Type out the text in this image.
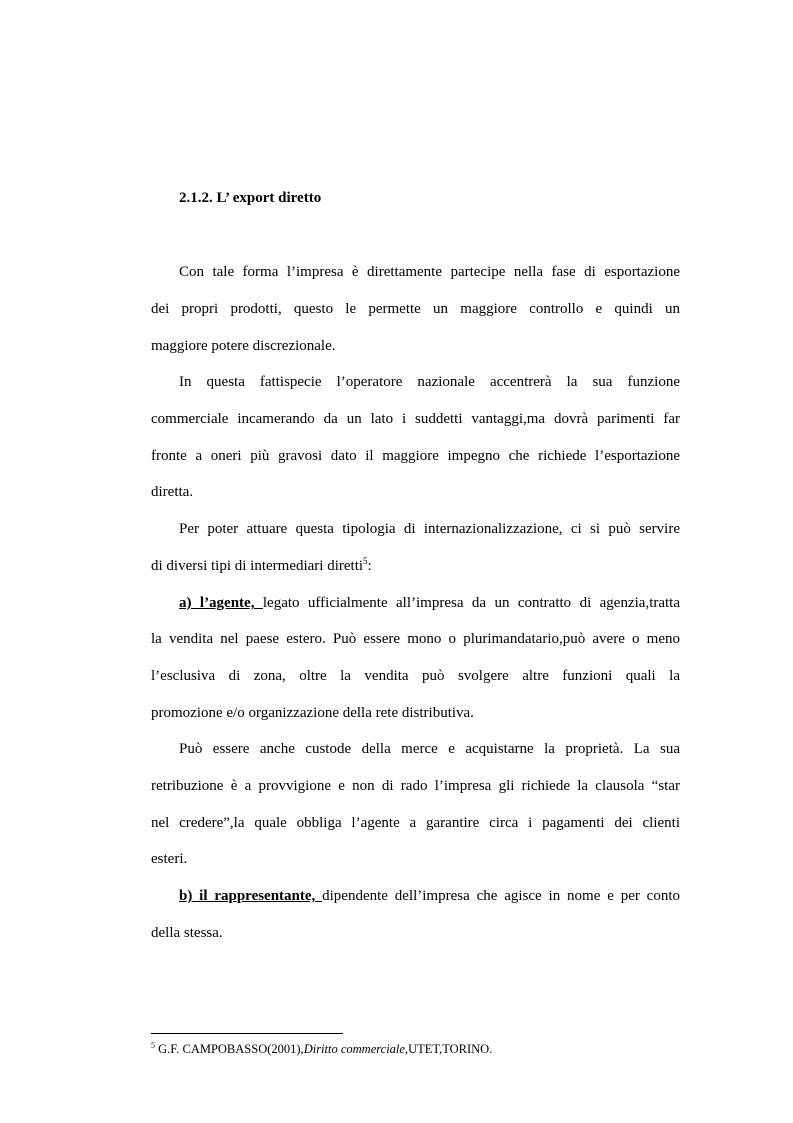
2.1.2. L’ export diretto
Con tale forma l’impresa è direttamente partecipe nella fase di esportazione
dei propri prodotti, questo le permette un maggiore controllo e quindi un
maggiore potere discrezionale.
In questa fattispecie l’operatore nazionale accentrerà la sua funzione
commerciale incamerando da un lato i suddetti vantaggi,ma dovrà parimenti far
fronte a oneri più gravosi dato il maggiore impegno che richiede l’esportazione
diretta.
Per poter attuare questa tipologia di internazionalizzazione, ci si può servire
di diversi tipi di intermediari diretti$^5$:
a) l’agente, legato ufficialmente all’impresa da un contratto di agenzia,tratta
la vendita nel paese estero. Può essere mono o plurimandatario,può avere o meno
l’esclusiva di zona, oltre la vendita può svolgere altre funzioni quali la
promozione e/o organizzazione della rete distributiva.
Può essere anche custode della merce e acquistarne la proprietà. La sua
retribuzione è a provvigione e non di rado l’impresa gli richiede la clausola “star
nel credere”,la quale obbliga l’agente a garantire circa i pagamenti dei clienti
esteri.
b) il rappresentante, dipendente dell’impresa che agisce in nome e per conto
della stessa.
$^5$ G.F. CAMPOBASSO(2001),Diritto commerciale,UTET,TORINO.
